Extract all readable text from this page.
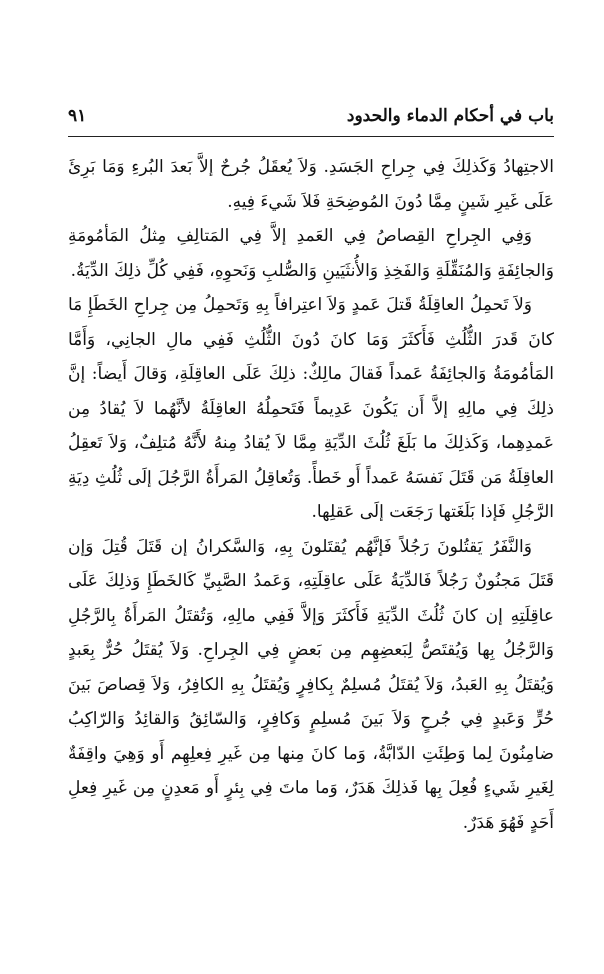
باب في أحكام الدماء والحدود
٩١

الاجتِهادُ وَكَذلِكَ فِي جِراحِ الجَسَدِ. وَلاَ يُعقَلُ جُرحٌ إلاَّ بَعدَ البُرءِ وَمَا بَرِئَ عَلَى غَيرِ شَينٍ مِمَّا دُونَ المُوضِحَةِ فَلاَ شَيءَ فِيهِ.

وَفِي الجِراحِ القِصاصُ فِي العَمدِ إلاَّ فِي المَتالِفِ مِثلُ المَأمُومَةِ وَالجائِفَةِ وَالمُنَقِّلَةِ وَالفَخِذِ وَالأُنثَيَينِ وَالصُّلبِ وَنَحوِهِ، فَفِي كُلِّ ذلِكَ الدِّيَةُ.

وَلاَ تَحمِلُ العاقِلَةُ قَتلَ عَمدٍ وَلاَ اعتِرافاً بِهِ وَتَحمِلُ مِن جِراحِ الخَطَإِ مَا كانَ قَدرَ الثُّلُثِ فَأَكثَرَ وَمَا كانَ دُونَ الثُّلُثِ فَفِي مالِ الجانِي، وَأَمَّا المَأمُومَةُ وَالجائِفَةُ عَمداً فَقالَ مالِكٌ: ذلِكَ عَلَى العاقِلَةِ، وَقالَ أَيضاً: إنَّ ذلِكَ فِي مالِهِ إلاَّ أَن يَكُونَ عَدِيماً فَتَحمِلُهُ العاقِلَةُ لأنَّهُما لاَ يُقادُ مِن عَمدِهِما، وَكَذلِكَ ما بَلَغَ ثُلُثَ الدِّيَةِ مِمَّا لاَ يُقادُ مِنهُ لأَنَّهُ مُتلِفٌ، وَلاَ تَعقِلُ العاقِلَةُ مَن قَتَلَ نَفسَهُ عَمداً أَو خَطأً. وَتُعاقِلُ المَرأَةُ الرَّجُلَ إلَى ثُلُثِ دِيَةِ الرَّجُلِ فَإذا بَلَغَتها رَجَعَت إلَى عَقلِها.

وَالنَّفَرُ يَقتُلونَ رَجُلاً فَإنَّهُم يُقتَلونَ بِهِ، وَالسَّكرانُ إن قَتَلَ قُتِلَ وَإن قَتَلَ مَجنُونٌ رَجُلاً فَالدِّيَةُ عَلَى عاقِلَتِهِ، وَعَمدُ الصَّبِيِّ كَالخَطَإِ وَذلِكَ عَلَى عاقِلَتِهِ إن كانَ ثُلُثَ الدِّيَةِ فَأَكثَرَ وَإلاَّ فَفِي مالِهِ، وَتُقتَلُ المَرأَةُ بِالرَّجُلِ وَالرَّجُلُ بِها وَيُقتَصُّ لِبَعضِهِم مِن بَعضٍ فِي الجِراحِ. وَلاَ يُقتَلُ حُرٌّ بِعَبدٍ وَيُقتَلُ بِهِ العَبدُ، وَلاَ يُقتَلُ مُسلِمٌ بِكافِرٍ وَيُقتَلُ بِهِ الكافِرُ، وَلاَ قِصاصَ بَينَ حُرٍّ وَعَبدٍ فِي جُرحٍ وَلاَ بَينَ مُسلِمٍ وَكافِرٍ، وَالسّائِقُ وَالقائِدُ وَالرّاكِبُ ضامِنُونَ لِما وَطِئَتِ الدّابَّةُ، وَما كانَ مِنها مِن غَيرِ فِعلِهِم أَو وَهِيَ واقِفَةٌ لِغَيرِ شَيءٍ فُعِلَ بِها فَذلِكَ هَدَرٌ، وَما ماتَ فِي بِئرٍ أَو مَعدِنٍ مِن غَيرِ فِعلِ أَحَدٍ فَهُوَ هَدَرٌ.
